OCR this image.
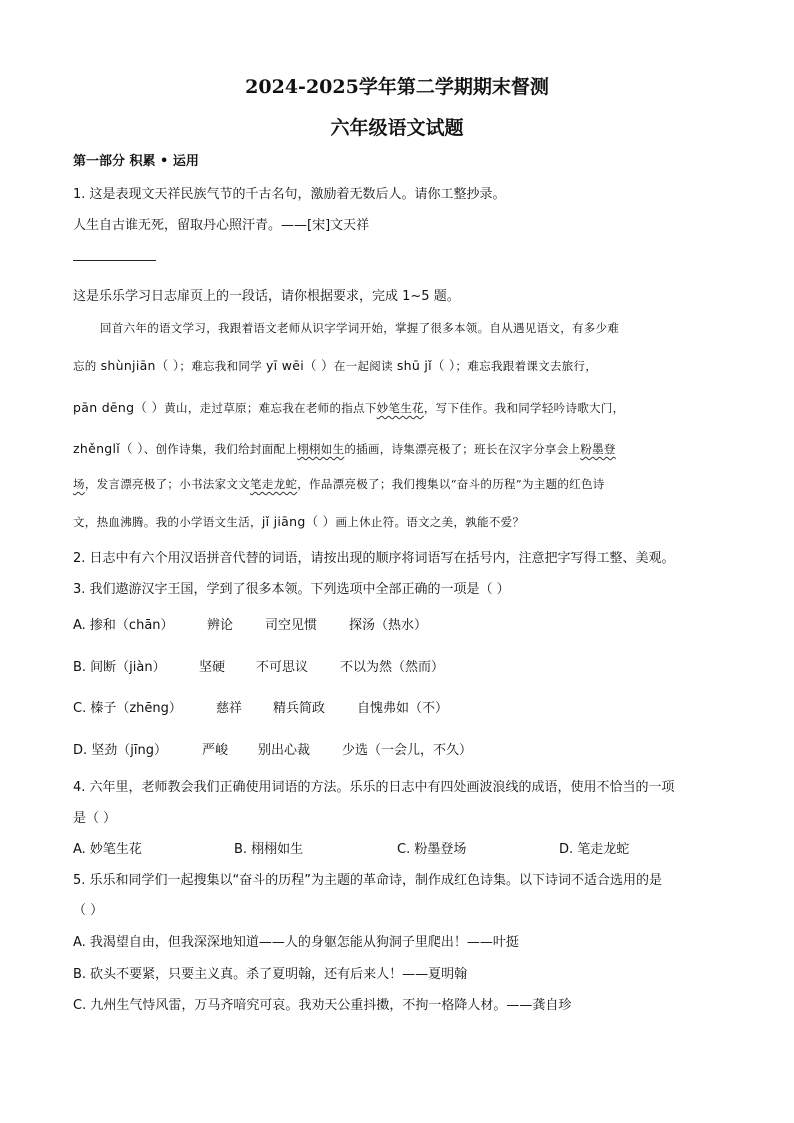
2024-2025学年第二学期期末督测
六年级语文试题
第一部分 积累 • 运用
1. 这是表现文天祥民族气节的千古名句，激励着无数后人。请你工整抄录。
人生自古谁无死，留取丹心照汗青。——[宋]文天祥
这是乐乐学习日志扉页上的一段话，请你根据要求，完成 1~5 题。
回首六年的语文学习，我跟着语文老师从识字学词开始，掌握了很多本领。自从遇见语文，有多少难
忘的 shùnjiān（ ）；难忘我和同学 yī wēi（ ）在一起阅读 shū jǐ（ ）；难忘我跟着课文去旅行，
pān dēng（ ）黄山，走过草原；难忘我在老师的指点下妙笔生花，写下佳作。我和同学轻吟诗歌大门，
zhěnglǐ（ ）、创作诗集，我们给封面配上栩栩如生的插画，诗集漂亮极了；班长在汉字分享会上粉墨登
场，发言漂亮极了；小书法家文文笔走龙蛇，作品漂亮极了；我们搜集以“奋斗的历程”为主题的红色诗
文，热血沸腾。我的小学语文生活，jǐ jiāng（ ）画上休止符。语文之美，孰能不爱？
2. 日志中有六个用汉语拼音代替的词语，请按出现的顺序将词语写在括号内，注意把字写得工整、美观。
3. 我们遨游汉字王国，学到了很多本领。下列选项中全部正确的一项是（ ）
A. 掺和（chān）	辨论 司空见惯 探汤（热水）
B. 间断（jiàn）	坚硬 不可思议 不以为然（然而）
C. 榛子（zhēng）	慈祥 精兵简政 自愧弗如（不）
D. 坚劲（jīng）	严峻 别出心裁 少选（一会儿，不久）
4. 六年里，老师教会我们正确使用词语的方法。乐乐的日志中有四处画波浪线的成语，使用不恰当的一项
是（ ）
A. 妙笔生花	B. 栩栩如生	C. 粉墨登场	D. 笔走龙蛇
5. 乐乐和同学们一起搜集以“奋斗的历程”为主题的革命诗，制作成红色诗集。以下诗词不适合选用的是
（ ）
A. 我渴望自由，但我深深地知道——人的身躯怎能从狗洞子里爬出！——叶挺
B. 砍头不要紧，只要主义真。杀了夏明翰，还有后来人！——夏明翰
C. 九州生气恃风雷，万马齐喑究可哀。我劝天公重抖擞，不拘一格降人材。——龚自珍
